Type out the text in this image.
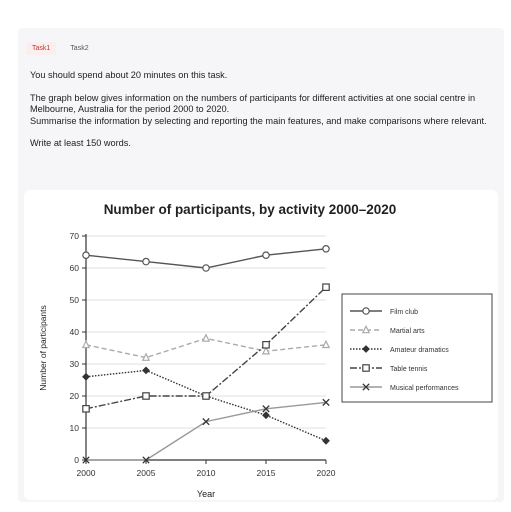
Task1	Task2

You should spend about 20 minutes on this task.

The graph below gives information on the numbers of participants for different activities at one social centre in Melbourne, Australia for the period 2000 to 2020.

Summarise the information by selecting and reporting the main features, and make comparisons where relevant.

Write at least 150 words.

Number of participants, by activity 2000–2020
0
10
20
30
40
50
60
70
2000	2005	2010	2015	2020
Year
Number of participants	Film club
Martial arts
Amateur dramatics
Table tennis
Musical performances
